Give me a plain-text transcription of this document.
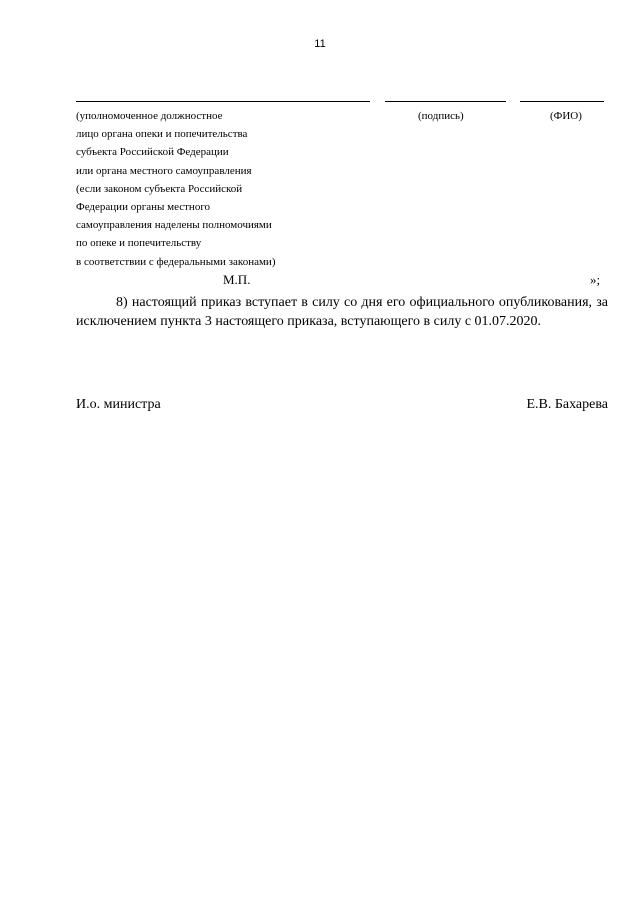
11
(уполномоченное должностное
лицо органа опеки и попечительства
субъекта Российской Федерации
или органа местного самоуправления
(если законом субъекта Российской
Федерации органы местного
самоуправления наделены полномочиями
по опеке и попечительству
в соответствии с федеральными законами)
(подпись)	(ФИО)
М.П.	»;

8) настоящий приказ вступает в силу со дня его официального опубликования, за исключением пункта 3 настоящего приказа, вступающего в силу с 01.07.2020.

И.о. министра	Е.В. Бахарева
